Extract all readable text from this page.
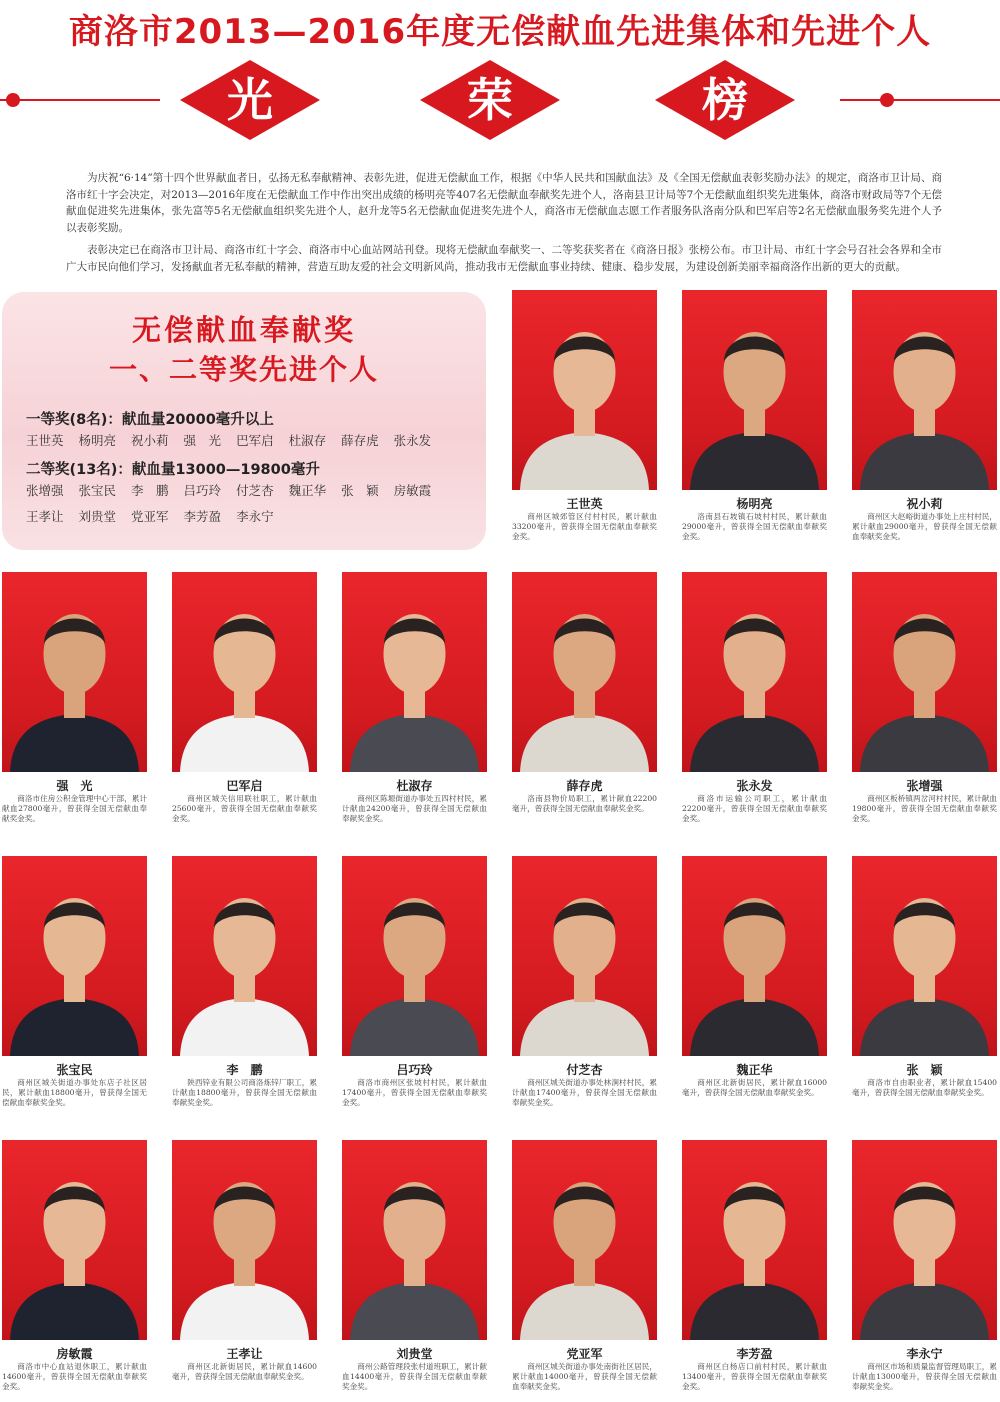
商洛市2013—2016年度无偿献血先进集体和先进个人
光	荣	榜

为庆祝“6·14”第十四个世界献血者日，弘扬无私奉献精神、表彰先进，促进无偿献血工作，根据《中华人民共和国献血法》及《全国无偿献血表彰奖励办法》的规定，商洛市卫计局、商洛市红十字会决定，对2013—2016年度在无偿献血工作中作出突出成绩的杨明亮等407名无偿献血奉献奖先进个人，洛南县卫计局等7个无偿献血组织奖先进集体，商洛市财政局等7个无偿献血促进奖先进集体，张先富等5名无偿献血组织奖先进个人，赵升龙等5名无偿献血促进奖先进个人，商洛市无偿献血志愿工作者服务队洛南分队和巴军启等2名无偿献血服务奖先进个人予以表彰奖励。

表彰决定已在商洛市卫计局、商洛市红十字会、商洛市中心血站网站刊登。现将无偿献血奉献奖一、二等奖获奖者在《商洛日报》张榜公布。市卫计局、市红十字会号召社会各界和全市广大市民向他们学习，发扬献血者无私奉献的精神，营造互助友爱的社会文明新风尚，推动我市无偿献血事业持续、健康、稳步发展，为建设创新美丽幸福商洛作出新的更大的贡献。

无偿献血奉献奖
一、二等奖先进个人
一等奖(8名)：献血量20000毫升以上
王世英 杨明亮 祝小莉 强　光 巴军启 杜淑存 薛存虎 张永发
二等奖(13名)：献血量13000—19800毫升
张增强 张宝民 李　鹏 吕巧玲 付芝杏 魏正华 张　颖 房敏霞王孝让 刘贵堂 党亚军 李芳盈 李永宁
王世英
商州区城郊管区付村村民，累计献血33200毫升，曾获得全国无偿献血奉献奖金奖。
杨明亮
洛南县石坡镇石坡村村民，累计献血29000毫升，曾获得全国无偿献血奉献奖金奖。
祝小莉
商州区大赵峪街道办事处上庄村村民，累计献血29000毫升，曾获得全国无偿献血奉献奖金奖。
强　光
商洛市住房公积金管理中心干部，累计献血27800毫升，曾获得全国无偿献血奉献奖金奖。
巴军启
商州区城关信用联社职工，累计献血25600毫升，曾获得全国无偿献血奉献奖金奖。
杜淑存
商州区陈塬街道办事处五四村村民，累计献血24200毫升，曾获得全国无偿献血奉献奖金奖。
薛存虎
洛南县物价局职工，累计献血22200毫升，曾获得全国无偿献血奉献奖金奖。
张永发
商洛市运输公司职工，累计献血22200毫升，曾获得全国无偿献血奉献奖金奖。
张增强
商州区板桥镇两岔河村村民，累计献血19800毫升，曾获得全国无偿献血奉献奖金奖。
张宝民
商州区城关街道办事处东店子社区居民，累计献血18800毫升，曾获得全国无偿献血奉献奖金奖。
李　鹏
陕西锌业有限公司商洛炼锌厂职工，累计献血18800毫升，曾获得全国无偿献血奉献奖金奖。
吕巧玲
商洛市商州区张坡村村民，累计献血17400毫升，曾获得全国无偿献血奉献奖金奖。
付芝杏
商州区城关街道办事处林涧村村民，累计献血17400毫升，曾获得全国无偿献血奉献奖金奖。
魏正华
商州区北新街居民，累计献血16000毫升，曾获得全国无偿献血奉献奖金奖。
张　颖
商洛市自由职业者，累计献血15400毫升，曾获得全国无偿献血奉献奖金奖。
房敏霞
商洛市中心血站退休职工，累计献血14600毫升，曾获得全国无偿献血奉献奖金奖。
王孝让
商州区北新街居民，累计献血14600毫升，曾获得全国无偿献血奉献奖金奖。
刘贵堂
商州公路管理段张村道班职工，累计献血14400毫升，曾获得全国无偿献血奉献奖金奖。
党亚军
商州区城关街道办事处南街社区居民，累计献血14000毫升，曾获得全国无偿献血奉献奖金奖。
李芳盈
商州区白杨店口前村村民，累计献血13400毫升，曾获得全国无偿献血奉献奖金奖。
李永宁
商州区市场和质量监督管理局职工，累计献血13000毫升，曾获得全国无偿献血奉献奖金奖。
